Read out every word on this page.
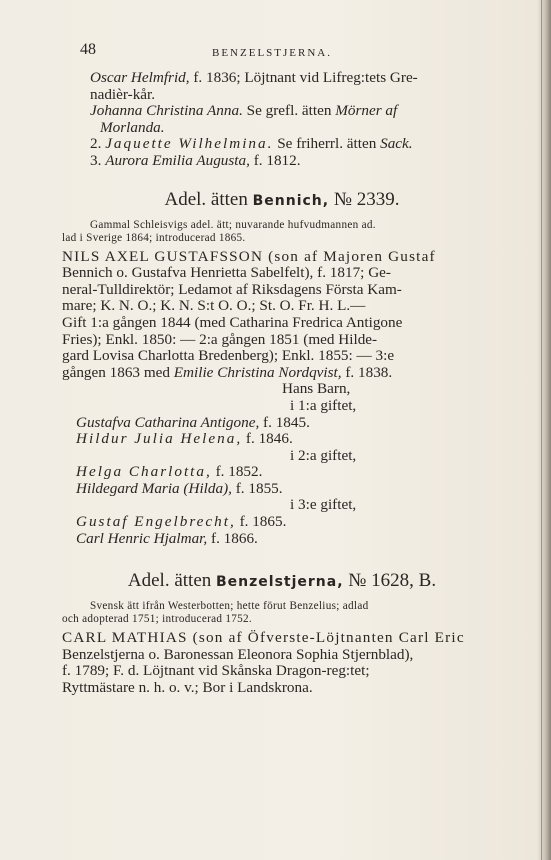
48	BENZELSTJERNA.
Oscar Helmfrid, f. 1836; Löjtnant vid Lifreg:tets Gre-
nadièr-kår.
Johanna Christina Anna. Se grefl. ätten Mörner af
Morlanda.
2. Jaquette Wilhelmina. Se friherrl. ätten Sack.
3. Aurora Emilia Augusta, f. 1812.
Adel. ätten Bennich, № 2339.
Gammal Schleisvigs adel. ätt; nuvarande hufvudmannen ad.
lad i Sverige 1864; introducerad 1865.
NILS AXEL GUSTAFSSON (son af Majoren Gustaf
Bennich o. Gustafva Henrietta Sabelfelt), f. 1817; Ge-
neral-Tulldirektör; Ledamot af Riksdagens Första Kam-
mare; K. N. O.; K. N. S:t O. O.; St. O. Fr. H. L.—
Gift 1:a gången 1844 (med Catharina Fredrica Antigone
Fries); Enkl. 1850: — 2:a gången 1851 (med Hilde-
gard Lovisa Charlotta Bredenberg); Enkl. 1855: — 3:e
gången 1863 med Emilie Christina Nordqvist, f. 1838.
Hans Barn,
i 1:a giftet,
Gustafva Catharina Antigone, f. 1845.
Hildur Julia Helena, f. 1846.
i 2:a giftet,
Helga Charlotta, f. 1852.
Hildegard Maria (Hilda), f. 1855.
i 3:e giftet,
Gustaf Engelbrecht, f. 1865.
Carl Henric Hjalmar, f. 1866.
Adel. ätten Benzelstjerna, № 1628, B.
Svensk ätt ifrån Westerbotten; hette förut Benzelius; adlad
och adopterad 1751; introducerad 1752.
CARL MATHIAS (son af Öfverste-Löjtnanten Carl Eric
Benzelstjerna o. Baronessan Eleonora Sophia Stjernblad),
f. 1789; F. d. Löjtnant vid Skånska Dragon-reg:tet;
Ryttmästare n. h. o. v.; Bor i Landskrona.
